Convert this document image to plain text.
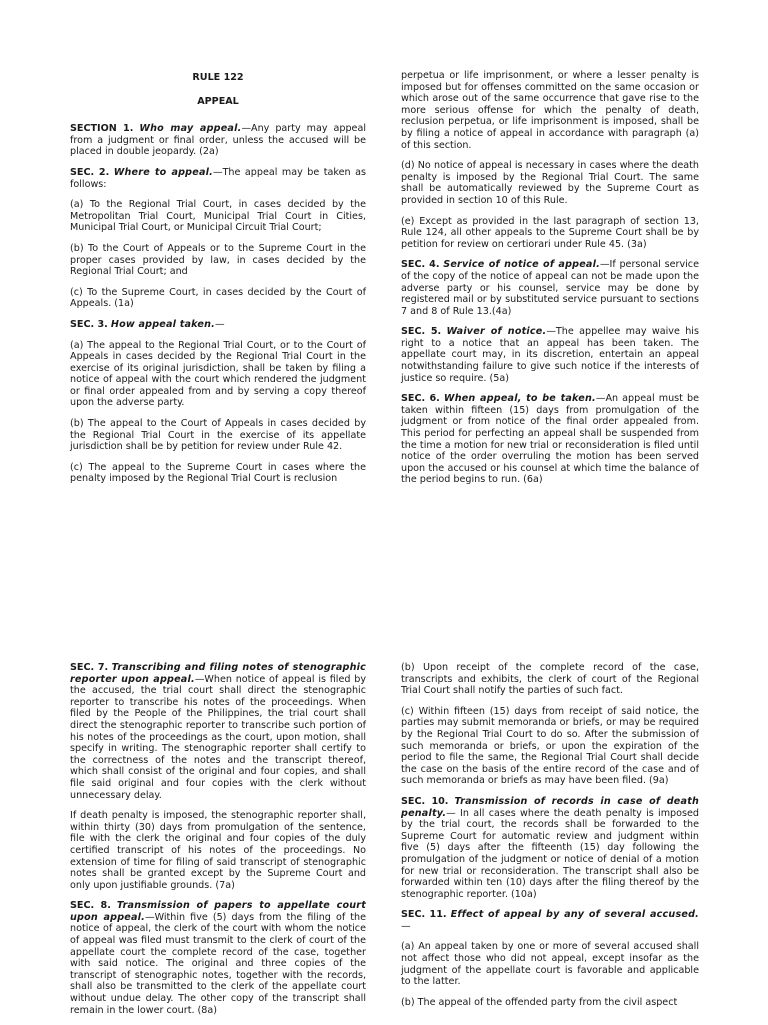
RULE 122

APPEAL

SECTION 1. Who may appeal.—Any party may appeal from a judgment or final order, unless the accused will be placed in double jeopardy. (2a)

SEC. 2. Where to appeal.—The appeal may be taken as follows:

(a) To the Regional Trial Court, in cases decided by the Metropolitan Trial Court, Municipal Trial Court in Cities, Municipal Trial Court, or Municipal Circuit Trial Court;

(b) To the Court of Appeals or to the Supreme Court in the proper cases provided by law, in cases decided by the Regional Trial Court; and

(c) To the Supreme Court, in cases decided by the Court of Appeals. (1a)

SEC. 3. How appeal taken.—

(a) The appeal to the Regional Trial Court, or to the Court of Appeals in cases decided by the Regional Trial Court in the exercise of its original jurisdiction, shall be taken by filing a notice of appeal with the court which rendered the judgment or final order appealed from and by serving a copy thereof upon the adverse party.

(b) The appeal to the Court of Appeals in cases decided by the Regional Trial Court in the exercise of its appellate jurisdiction shall be by petition for review under Rule 42.

(c) The appeal to the Supreme Court in cases where the penalty imposed by the Regional Trial Court is reclusion

perpetua or life imprisonment, or where a lesser penalty is imposed but for offenses committed on the same occasion or which arose out of the same occurrence that gave rise to the more serious offense for which the penalty of death, reclusion perpetua, or life imprisonment is imposed, shall be by filing a notice of appeal in accordance with paragraph (a) of this section.

(d) No notice of appeal is necessary in cases where the death penalty is imposed by the Regional Trial Court. The same shall be automatically reviewed by the Supreme Court as provided in section 10 of this Rule.

(e) Except as provided in the last paragraph of section 13, Rule 124, all other appeals to the Supreme Court shall be by petition for review on certiorari under Rule 45. (3a)

SEC. 4. Service of notice of appeal.—If personal service of the copy of the notice of appeal can not be made upon the adverse party or his counsel, service may be done by registered mail or by substituted service pursuant to sections 7 and 8 of Rule 13.(4a)

SEC. 5. Waiver of notice.—The appellee may waive his right to a notice that an appeal has been taken. The appellate court may, in its discretion, entertain an appeal notwithstanding failure to give such notice if the interests of justice so require. (5a)

SEC. 6. When appeal, to be taken.—An appeal must be taken within fifteen (15) days from promulgation of the judgment or from notice of the final order appealed from. This period for perfecting an appeal shall be suspended from the time a motion for new trial or reconsideration is filed until notice of the order overruling the motion has been served upon the accused or his counsel at which time the balance of the period begins to run. (6a)

SEC. 7. Transcribing and filing notes of stenographic reporter upon appeal.—When notice of appeal is filed by the accused, the trial court shall direct the stenographic reporter to transcribe his notes of the proceedings. When filed by the People of the Philippines, the trial court shall direct the stenographic reporter to transcribe such portion of his notes of the proceedings as the court, upon motion, shall specify in writing. The stenographic reporter shall certify to the correctness of the notes and the transcript thereof, which shall consist of the original and four copies, and shall file said original and four copies with the clerk without unnecessary delay.

If death penalty is imposed, the stenographic reporter shall, within thirty (30) days from promulgation of the sentence, file with the clerk the original and four copies of the duly certified transcript of his notes of the proceedings. No extension of time for filing of said transcript of stenographic notes shall be granted except by the Supreme Court and only upon justifiable grounds. (7a)

SEC. 8. Transmission of papers to appellate court upon appeal.—Within five (5) days from the filing of the notice of appeal, the clerk of the court with whom the notice of appeal was filed must transmit to the clerk of court of the appellate court the complete record of the case, together with said notice. The original and three copies of the transcript of stenographic notes, together with the records, shall also be transmitted to the clerk of the appellate court without undue delay. The other copy of the transcript shall remain in the lower court. (8a)

(b) Upon receipt of the complete record of the case, transcripts and exhibits, the clerk of court of the Regional Trial Court shall notify the parties of such fact.

(c) Within fifteen (15) days from receipt of said notice, the parties may submit memoranda or briefs, or may be required by the Regional Trial Court to do so. After the submission of such memoranda or briefs, or upon the expiration of the period to file the same, the Regional Trial Court shall decide the case on the basis of the entire record of the case and of such memoranda or briefs as may have been filed. (9a)

SEC. 10. Transmission of records in case of death penalty.— In all cases where the death penalty is imposed by the trial court, the records shall be forwarded to the Supreme Court for automatic review and judgment within five (5) days after the fifteenth (15) day following the promulgation of the judgment or notice of denial of a motion for new trial or reconsideration. The transcript shall also be forwarded within ten (10) days after the filing thereof by the stenographic reporter. (10a)

SEC. 11. Effect of appeal by any of several accused.—

(a) An appeal taken by one or more of several accused shall not affect those who did not appeal, except insofar as the judgment of the appellate court is favorable and applicable to the latter.

(b) The appeal of the offended party from the civil aspect
